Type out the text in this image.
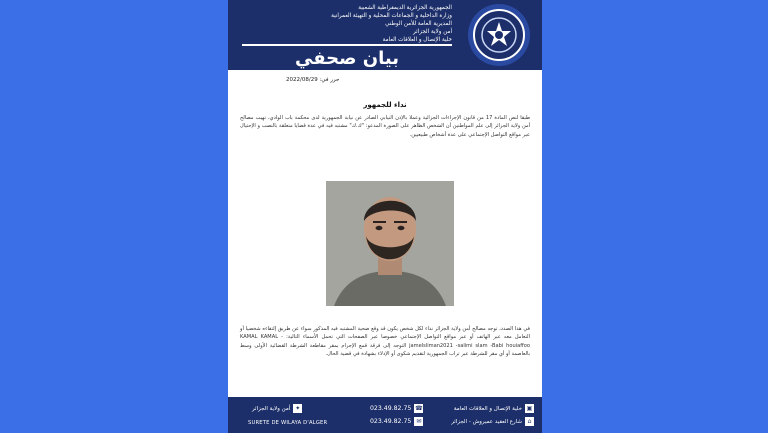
الجمهورية الجزائرية الديمقراطية الشعبية
وزارة الداخلية و الجماعات المحلية و التهيئة العمرانية
المديرية العامة للأمن الوطني
أمن ولاية الجزائر
خلية الإتصال و العلاقات العامة
بيان صحفي
حرر في: 2022/08/29
نداء للجمهور
طبقا لنص المادة 17 من قانون الإجراءات الجزائية وعملا بالإذن النيابي الصادر عن نيابة الجمهورية لدى محكمة باب الوادي، تهيب مصالح أمن ولاية الجزائر إلى علم المواطنين أن الشخص الظاهر على الصورة المدعو: "ك.ك" مشتبه فيه في عدة قضايا متعلقة بالنصب و الإحتيال عبر مواقع التواصل الإجتماعي على عدة أشخاص طبيعيين.
في هذا الصدد، توجه مصالح أمن ولاية الجزائر نداء لكل شخص يكون قد وقع ضحية المشتبه فيه المذكور سواء عن طريق إلتقاءه شخصيا أو التعامل معه عبر الهاتف أو عبر مواقع التواصل الإجتماعي خصوصا عبر الصفحات التي تحمل الأسماء التالية: KAMAL KAMAL -jamelsliman2021 -salimi slam -Babi houiaffoo التوجه إلى فرقة قمع الإجرام بمقر مقاطعة الشرطة القضائية الأولى وسط بالعاصمة أو أي مقر للشرطة عبر تراب الجمهورية لتقديم شكوى أو الإدلاء بشهادة في قضية الحال.
▣
خلية الإتصال و العلاقات العامة
⌂
شارع العقيد عميروش - الجزائر
023.49.82.75 ☎
023.49.82.75 ✉
✦
أمن ولاية الجزائر
SURETE DE WILAYA D'ALGER
